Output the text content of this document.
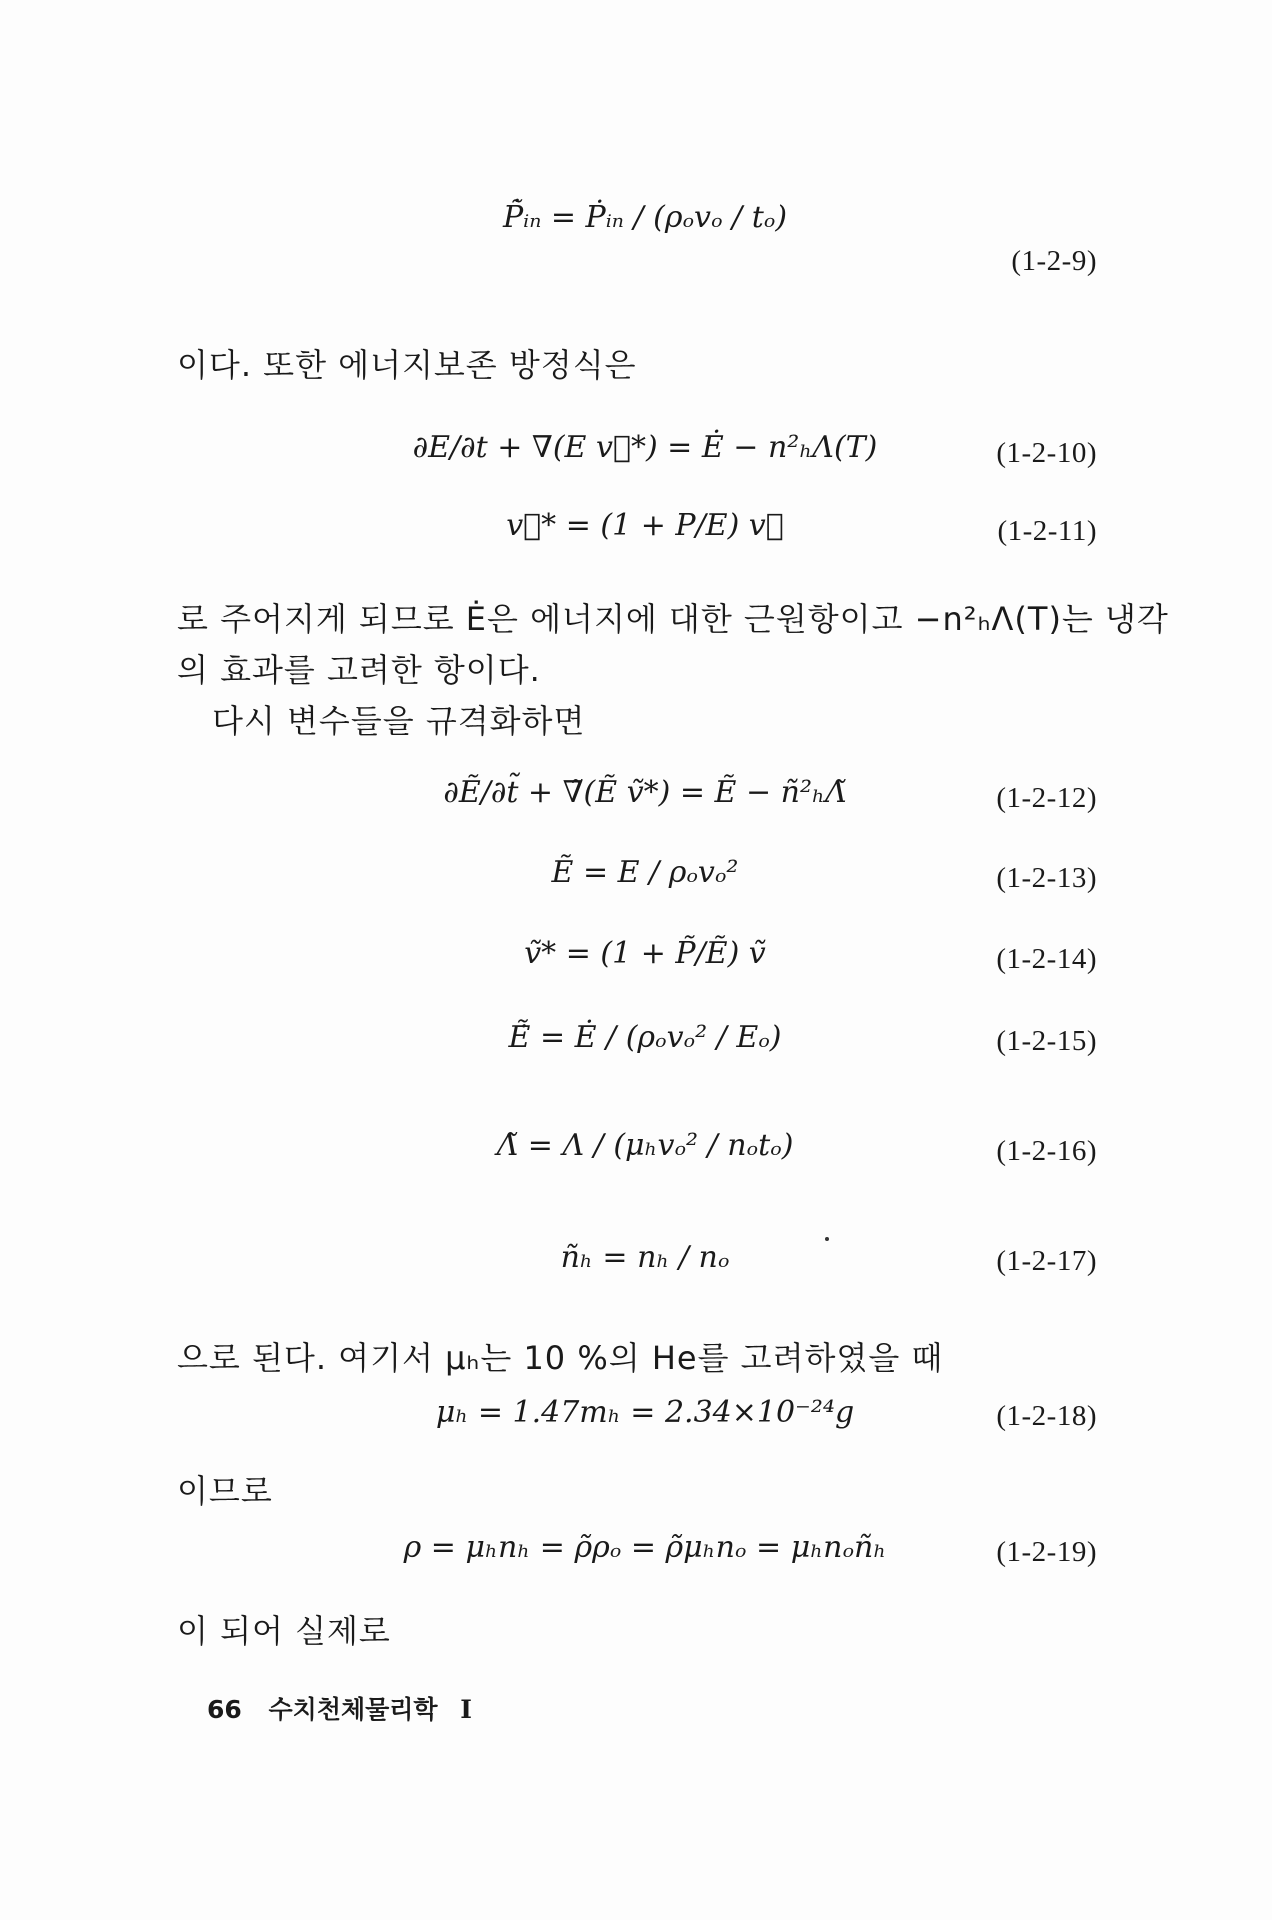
P̃̇ᵢₙ = Ṗᵢₙ / (ρₒvₒ / tₒ)
(1-2-9)
이다. 또한 에너지보존 방정식은
∂E/∂t + ∇(E v⃗*) = Ė − n²ₕΛ(T)	(1-2-10)
v⃗* = (1 + P/E) v⃗	(1-2-11)
로 주어지게 되므로 Ė은 에너지에 대한 근원항이고 −n²ₕΛ(T)는 냉각
의 효과를 고려한 항이다.
다시 변수들을 규격화하면
∂Ẽ/∂t̃ + ∇̃(Ẽ ṽ*) = Ẽ − ñ²ₕΛ̃	(1-2-12)
Ẽ = E / ρₒvₒ²	(1-2-13)
ṽ* = (1 + P̃/Ẽ) ṽ	(1-2-14)
Ẽ̇ = Ė / (ρₒvₒ² / Eₒ)	(1-2-15)
Λ̃ = Λ / (μₕvₒ² / nₒtₒ)	(1-2-16)
ñₕ = nₕ / nₒ	(1-2-17)
으로 된다. 여기서 μₕ는 10 %의 He를 고려하였을 때
μₕ = 1.47mₕ = 2.34×10⁻²⁴g	(1-2-18)
이므로
ρ = μₕnₕ = ρ̃ρₒ = ρ̃μₕnₒ = μₕnₒñₕ	(1-2-19)
이 되어 실제로
66 수치천체물리학 I
